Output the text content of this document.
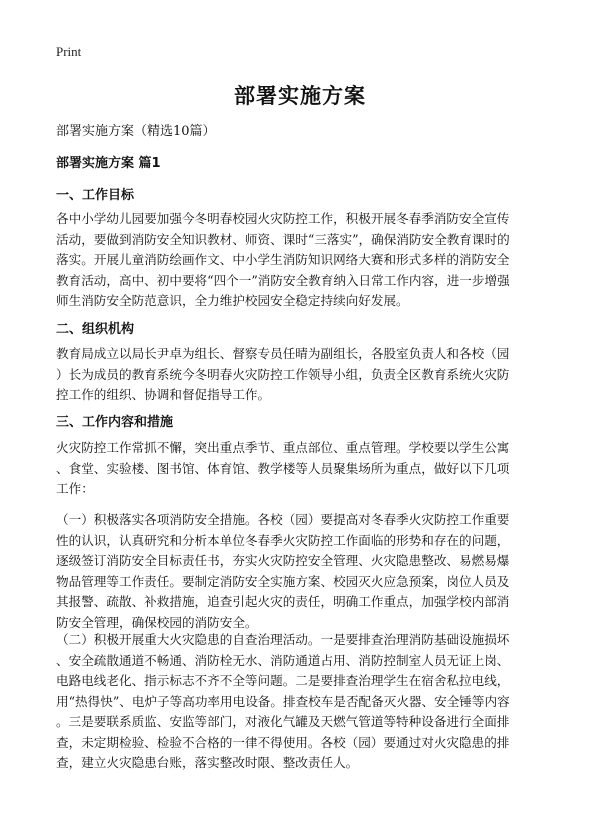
Print
部署实施方案
部署实施方案（精选10篇）
部署实施方案 篇1
一、工作目标
各中小学幼儿园要加强今冬明春校园火灾防控工作，积极开展冬春季消防安全宣传
活动，要做到消防安全知识教材、师资、课时“三落实”，确保消防安全教育课时的
落实。开展儿童消防绘画作文、中小学生消防知识网络大赛和形式多样的消防安全
教育活动，高中、初中要将“四个一”消防安全教育纳入日常工作内容，进一步增强
师生消防安全防范意识，全力维护校园安全稳定持续向好发展。
二、组织机构
教育局成立以局长尹卓为组长、督察专员任晴为副组长，各股室负责人和各校（园
）长为成员的教育系统今冬明春火灾防控工作领导小组，负责全区教育系统火灾防
控工作的组织、协调和督促指导工作。
三、工作内容和措施
火灾防控工作常抓不懈，突出重点季节、重点部位、重点管理。学校要以学生公寓
、食堂、实验楼、图书馆、体育馆、教学楼等人员聚集场所为重点，做好以下几项
工作：
（一）积极落实各项消防安全措施。各校（园）要提高对冬春季火灾防控工作重要
性的认识，认真研究和分析本单位冬春季火灾防控工作面临的形势和存在的问题，
逐级签订消防安全目标责任书，夯实火灾防控安全管理、火灾隐患整改、易燃易爆
物品管理等工作责任。要制定消防安全实施方案、校园灭火应急预案，岗位人员及
其报警、疏散、补救措施，追查引起火灾的责任，明确工作重点，加强学校内部消
防安全管理，确保校园的消防安全。
（二）积极开展重大火灾隐患的自查治理活动。一是要排查治理消防基础设施损坏
、安全疏散通道不畅通、消防栓无水、消防通道占用、消防控制室人员无证上岗、
电路电线老化、指示标志不齐不全等问题。二是要排查治理学生在宿舍私拉电线，
用“热得快”、电炉子等高功率用电设备。排查校车是否配备灭火器、安全锤等内容
。三是要联系质监、安监等部门，对液化气罐及天燃气管道等特种设备进行全面排
查，未定期检验、检验不合格的一律不得使用。各校（园）要通过对火灾隐患的排
查，建立火灾隐患台账，落实整改时限、整改责任人。
